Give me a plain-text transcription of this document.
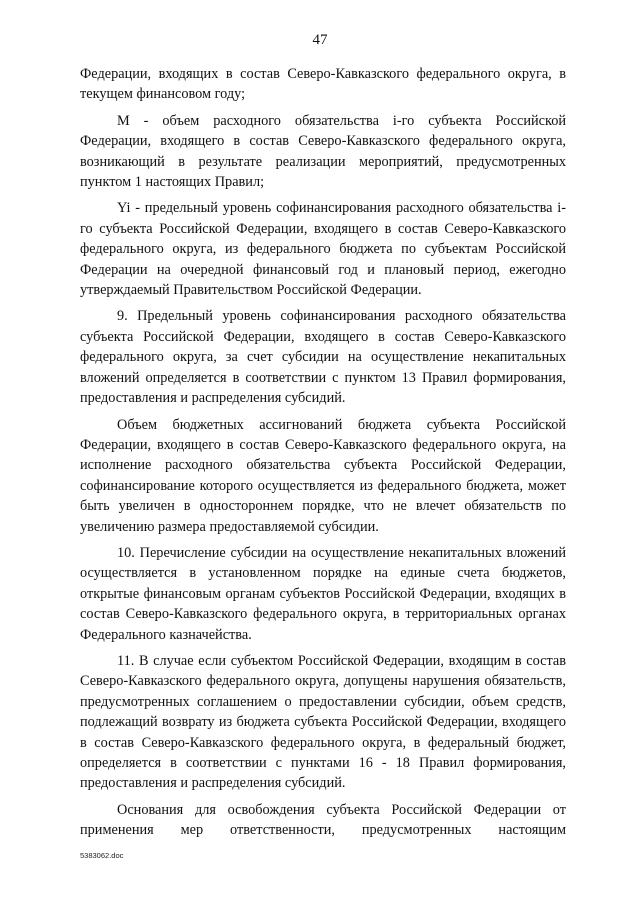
47

Федерации, входящих в состав Северо-Кавказского федерального округа, в текущем финансовом году;

M - объем расходного обязательства i-го субъекта Российской Федерации, входящего в состав Северо-Кавказского федерального округа, возникающий в результате реализации мероприятий, предусмотренных пунктом 1 настоящих Правил;

Yi - предельный уровень софинансирования расходного обязательства i-го субъекта Российской Федерации, входящего в состав Северо-Кавказского федерального округа, из федерального бюджета по субъектам Российской Федерации на очередной финансовый год и плановый период, ежегодно утверждаемый Правительством Российской Федерации.

9. Предельный уровень софинансирования расходного обязательства субъекта Российской Федерации, входящего в состав Северо-Кавказского федерального округа, за счет субсидии на осуществление некапитальных вложений определяется в соответствии с пунктом 13 Правил формирования, предоставления и распределения субсидий.

Объем бюджетных ассигнований бюджета субъекта Российской Федерации, входящего в состав Северо-Кавказского федерального округа, на исполнение расходного обязательства субъекта Российской Федерации, софинансирование которого осуществляется из федерального бюджета, может быть увеличен в одностороннем порядке, что не влечет обязательств по увеличению размера предоставляемой субсидии.

10. Перечисление субсидии на осуществление некапитальных вложений осуществляется в установленном порядке на единые счета бюджетов, открытые финансовым органам субъектов Российской Федерации, входящих в состав Северо-Кавказского федерального округа, в территориальных органах Федерального казначейства.

11. В случае если субъектом Российской Федерации, входящим в состав Северо-Кавказского федерального округа, допущены нарушения обязательств, предусмотренных соглашением о предоставлении субсидии, объем средств, подлежащий возврату из бюджета субъекта Российской Федерации, входящего в состав Северо-Кавказского федерального округа, в федеральный бюджет, определяется в соответствии с пунктами 16 - 18 Правил формирования, предоставления и распределения субсидий.

Основания для освобождения субъекта Российской Федерации от применения мер ответственности, предусмотренных настоящим

5383062.doc
